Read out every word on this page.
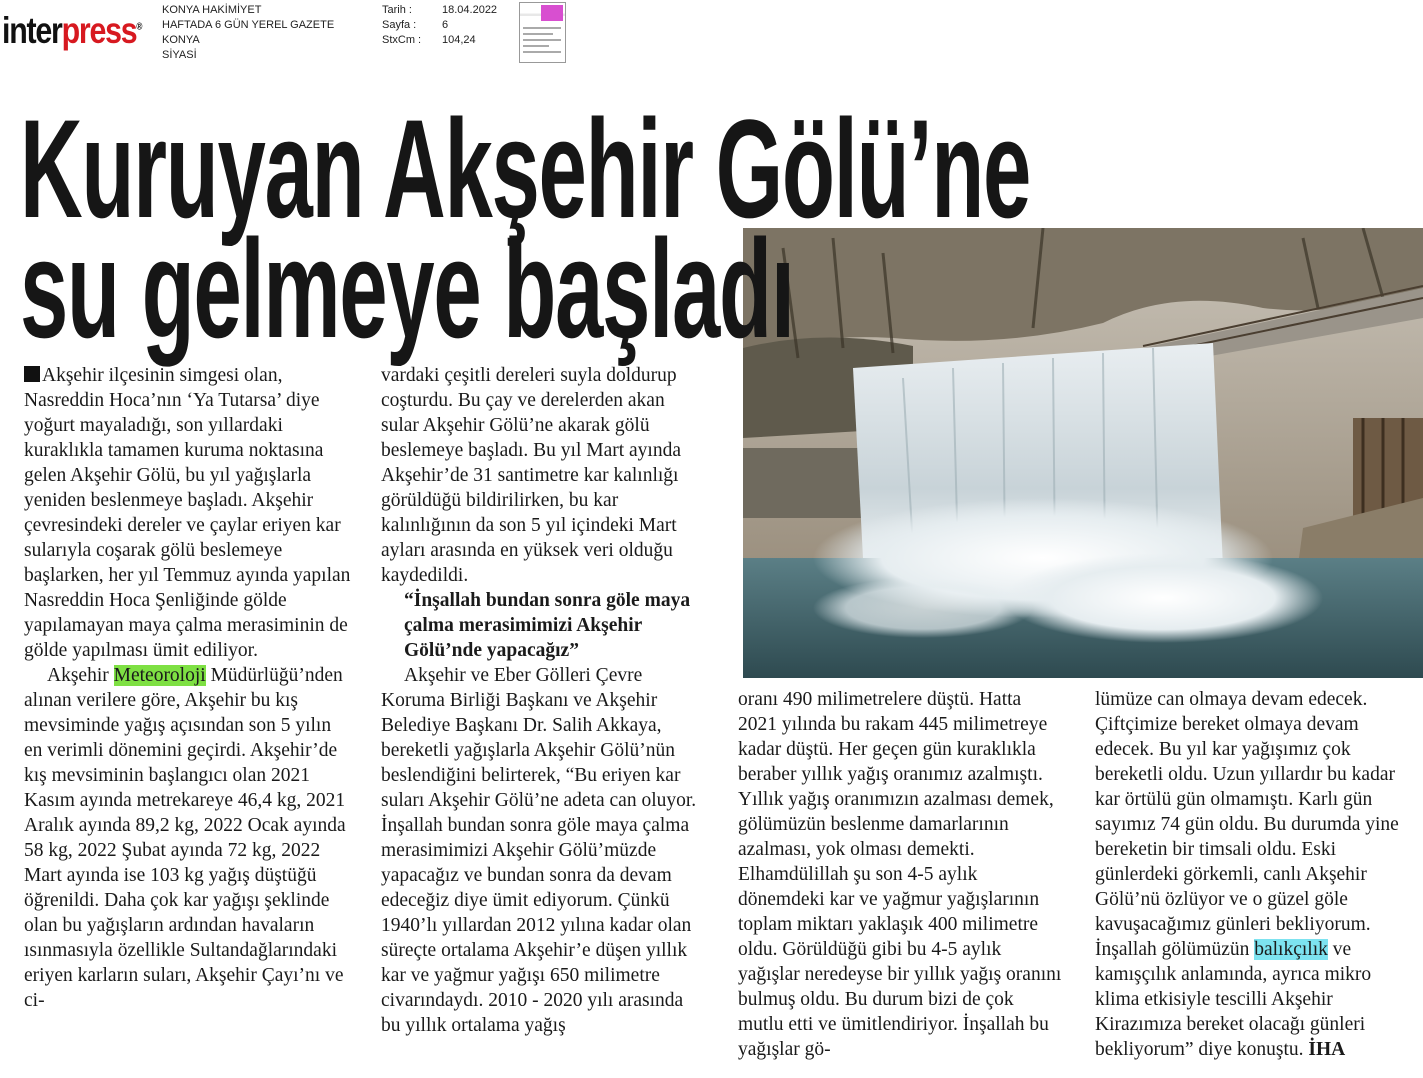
interpress®
KONYA HAKİMİYET
HAFTADA 6 GÜN YEREL GAZETE
KONYA
SİYASİ
Tarih :	18.04.2022
Sayfa :	6
StxCm :	104,24
Kuruyan Akşehir Gölü’ne
su gelmeye başladı

Akşehir ilçesinin simgesi olan, Nasreddin Hoca’nın ‘Ya Tutarsa’ diye yoğurt mayaladığı, son yıllardaki kuraklıkla tamamen kuruma noktasına gelen Akşehir Gölü, bu yıl yağışlarla yeniden beslenmeye başladı. Akşehir çevresindeki dereler ve çaylar eriyen kar sularıyla coşarak gölü beslemeye başlarken, her yıl Temmuz ayında yapılan Nasreddin Hoca Şenliğinde gölde yapılamayan maya çalma merasiminin de gölde yapılması ümit ediliyor.

Akşehir Meteoroloji Müdürlüğü’nden alınan verilere göre, Akşehir bu kış mevsiminde yağış açısından son 5 yılın en verimli dönemini geçirdi. Akşehir’de kış mevsiminin başlangıcı olan 2021 Kasım ayında metrekareye 46,4 kg, 2021 Aralık ayında 89,2 kg, 2022 Ocak ayında 58 kg, 2022 Şubat ayında 72 kg, 2022 Mart ayında ise 103 kg yağış düştüğü öğrenildi. Daha çok kar yağışı şeklinde olan bu yağışların ardından havaların ısınmasıyla özellikle Sultandağlarındaki eriyen karların suları, Akşehir Çayı’nı ve ci-

vardaki çeşitli dereleri suyla doldurup coşturdu. Bu çay ve derelerden akan sular Akşehir Gölü’ne akarak gölü beslemeye başladı. Bu yıl Mart ayında Akşehir’de 31 santimetre kar kalınlığı görüldüğü bildirilirken, bu kar kalınlığının da son 5 yıl içindeki Mart ayları arasında en yüksek veri olduğu kaydedildi.

“İnşallah bundan sonra göle maya çalma merasimimizi Akşehir Gölü’nde yapacağız”

Akşehir ve Eber Gölleri Çevre Koruma Birliği Başkanı ve Akşehir Belediye Başkanı Dr. Salih Akkaya, bereketli yağışlarla Akşehir Gölü’nün beslendiğini belirterek, “Bu eriyen kar suları Akşehir Gölü’ne adeta can oluyor. İnşallah bundan sonra göle maya çalma merasimimizi Akşehir Gölü’müzde yapacağız ve bundan sonra da devam edeceğiz diye ümit ediyorum. Çünkü 1940’lı yıllardan 2012 yılına kadar olan süreçte ortalama Akşehir’e düşen yıllık kar ve yağmur yağışı 650 milimetre civarındaydı. 2010 - 2020 yılı arasında bu yıllık ortalama yağış

oranı 490 milimetrelere düştü. Hatta 2021 yılında bu rakam 445 milimetreye kadar düştü. Her geçen gün kuraklıkla beraber yıllık yağış oranımız azalmıştı. Yıllık yağış oranımızın azalması demek, gölümüzün beslenme damarlarının azalması, yok olması demekti. Elhamdülillah şu son 4-5 aylık dönemdeki kar ve yağmur yağışlarının toplam miktarı yaklaşık 400 milimetre oldu. Görüldüğü gibi bu 4-5 aylık yağışlar neredeyse bir yıllık yağış oranını bulmuş oldu. Bu durum bizi de çok mutlu etti ve ümitlendiriyor. İnşallah bu yağışlar gö-

lümüze can olmaya devam edecek. Çiftçimize bereket olmaya devam edecek. Bu yıl kar yağışımız çok bereketli oldu. Uzun yıllardır bu kadar kar örtülü gün olmamıştı. Karlı gün sayımız 74 gün oldu. Bu durumda yine bereketin bir timsali oldu. Eski günlerdeki görkemli, canlı Akşehir Gölü’nü özlüyor ve o güzel göle kavuşacağımız günleri bekliyorum. İnşallah gölümüzün balıkçılık ve kamışçılık anlamında, ayrıca mikro klima etkisiyle tescilli Akşehir Kirazımıza bereket olacağı günleri bekliyorum” diye konuştu. İHA
